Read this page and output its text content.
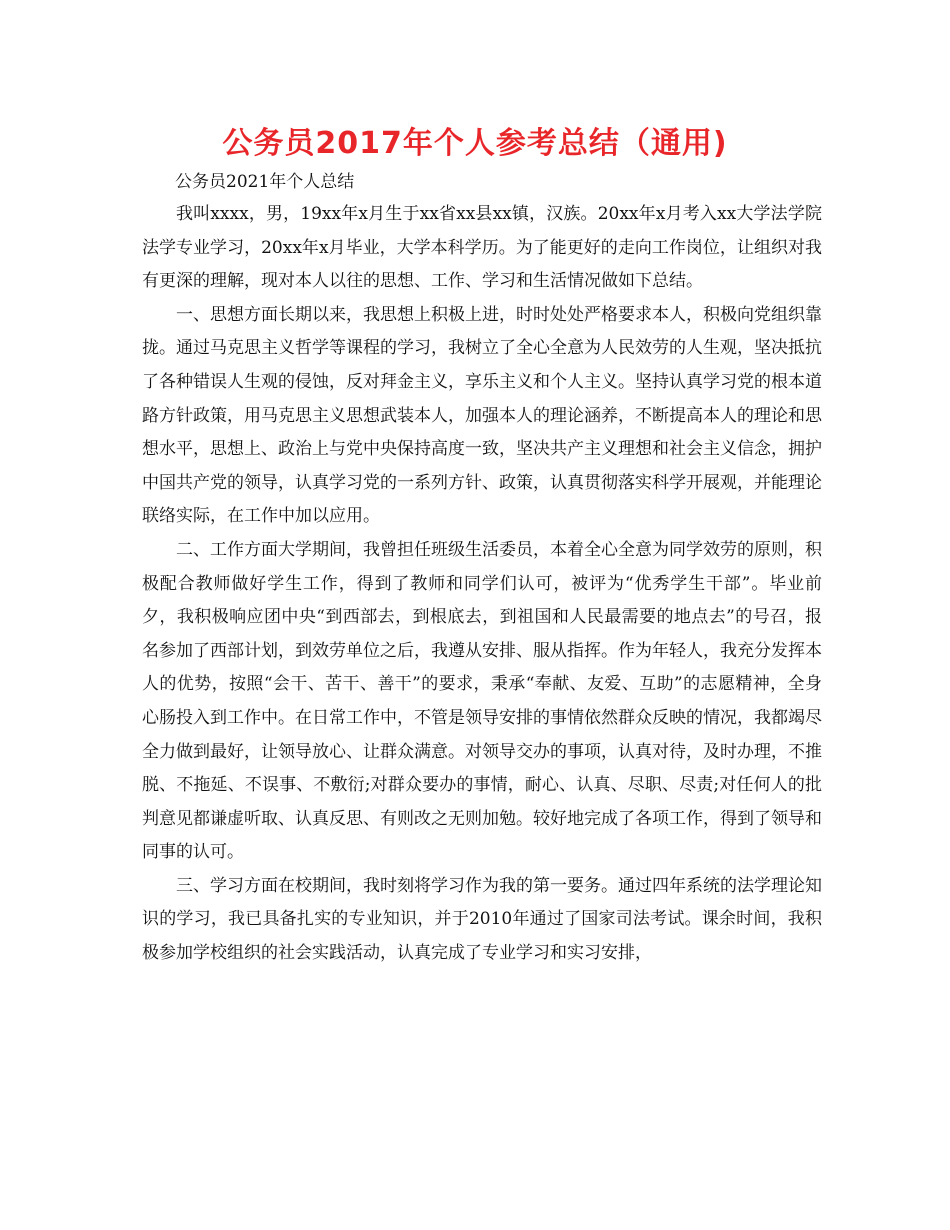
公务员2017年个人参考总结（通用)
公务员2021年个人总结

我叫xxxx，男，19xx年x月生于xx省xx县xx镇，汉族。20xx年x月考入xx大学法学院法学专业学习，20xx年x月毕业，大学本科学历。为了能更好的走向工作岗位，让组织对我有更深的理解，现对本人以往的思想、工作、学习和生活情况做如下总结。

一、思想方面长期以来，我思想上积极上进，时时处处严格要求本人，积极向党组织靠拢。通过马克思主义哲学等课程的学习，我树立了全心全意为人民效劳的人生观，坚决抵抗了各种错误人生观的侵蚀，反对拜金主义，享乐主义和个人主义。坚持认真学习党的根本道路方针政策，用马克思主义思想武装本人，加强本人的理论涵养，不断提高本人的理论和思想水平，思想上、政治上与党中央保持高度一致，坚决共产主义理想和社会主义信念，拥护中国共产党的领导，认真学习党的一系列方针、政策，认真贯彻落实科学开展观，并能理论联络实际，在工作中加以应用。

二、工作方面大学期间，我曾担任班级生活委员，本着全心全意为同学效劳的原则，积极配合教师做好学生工作，得到了教师和同学们认可，被评为“优秀学生干部”。毕业前夕，我积极响应团中央“到西部去，到根底去，到祖国和人民最需要的地点去”的号召，报名参加了西部计划，到效劳单位之后，我遵从安排、服从指挥。作为年轻人，我充分发挥本人的优势，按照“会干、苦干、善干”的要求，秉承“奉献、友爱、互助”的志愿精神，全身心肠投入到工作中。在日常工作中，不管是领导安排的事情依然群众反映的情况，我都竭尽全力做到最好，让领导放心、让群众满意。对领导交办的事项，认真对待，及时办理，不推脱、不拖延、不误事、不敷衍;对群众要办的事情，耐心、认真、尽职、尽责;对任何人的批判意见都谦虚听取、认真反思、有则改之无则加勉。较好地完成了各项工作，得到了领导和同事的认可。

三、学习方面在校期间，我时刻将学习作为我的第一要务。通过四年系统的法学理论知识的学习，我已具备扎实的专业知识，并于2010年通过了国家司法考试。课余时间，我积极参加学校组织的社会实践活动，认真完成了专业学习和实习安排，
